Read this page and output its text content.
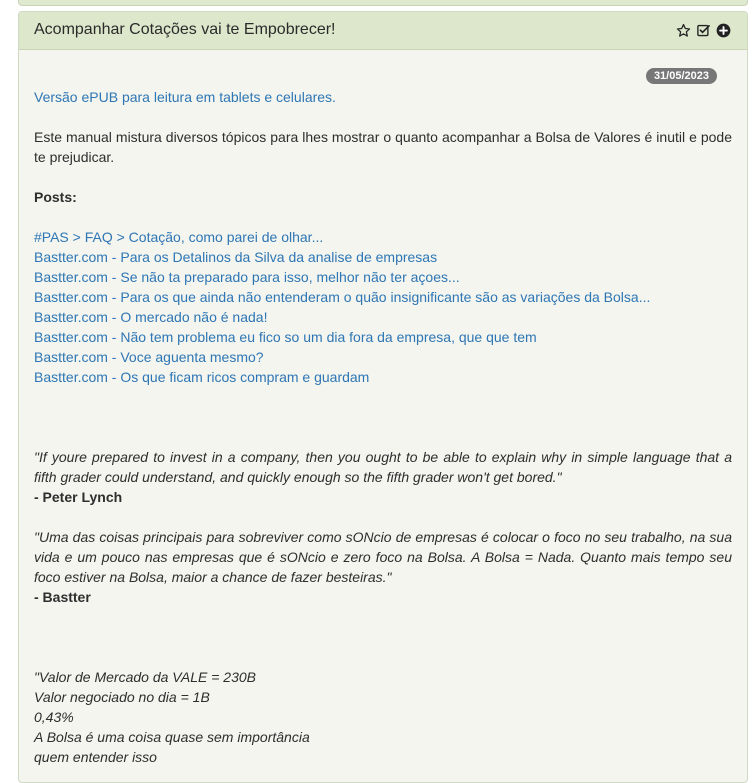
Acompanhar Cotações vai te Empobrecer!
31/05/2023
Versão ePUB para leitura em tablets e celulares.

Este manual mistura diversos tópicos para lhes mostrar o quanto acompanhar a Bolsa de Valores é inutil e pode te prejudicar.

Posts:

#PAS > FAQ > Cotação, como parei de olhar...
Bastter.com - Para os Detalinos da Silva da analise de empresas
Bastter.com - Se não ta preparado para isso, melhor não ter açoes...
Bastter.com - Para os que ainda não entenderam o quão insignificante são as variações da Bolsa...
Bastter.com - O mercado não é nada!
Bastter.com - Não tem problema eu fico so um dia fora da empresa, que que tem
Bastter.com - Voce aguenta mesmo?
Bastter.com - Os que ficam ricos compram e guardam

"If youre prepared to invest in a company, then you ought to be able to explain why in simple language that a fifth grader could understand, and quickly enough so the fifth grader won't get bored."

- Peter Lynch

"Uma das coisas principais para sobreviver como sONcio de empresas é colocar o foco no seu trabalho, na sua vida e um pouco nas empresas que é sONcio e zero foco na Bolsa. A Bolsa = Nada. Quanto mais tempo seu foco estiver na Bolsa, maior a chance de fazer besteiras."

- Bastter

"Valor de Mercado da VALE = 230B
Valor negociado no dia = 1B
0,43%
A Bolsa é uma coisa quase sem importância
quem entender isso
